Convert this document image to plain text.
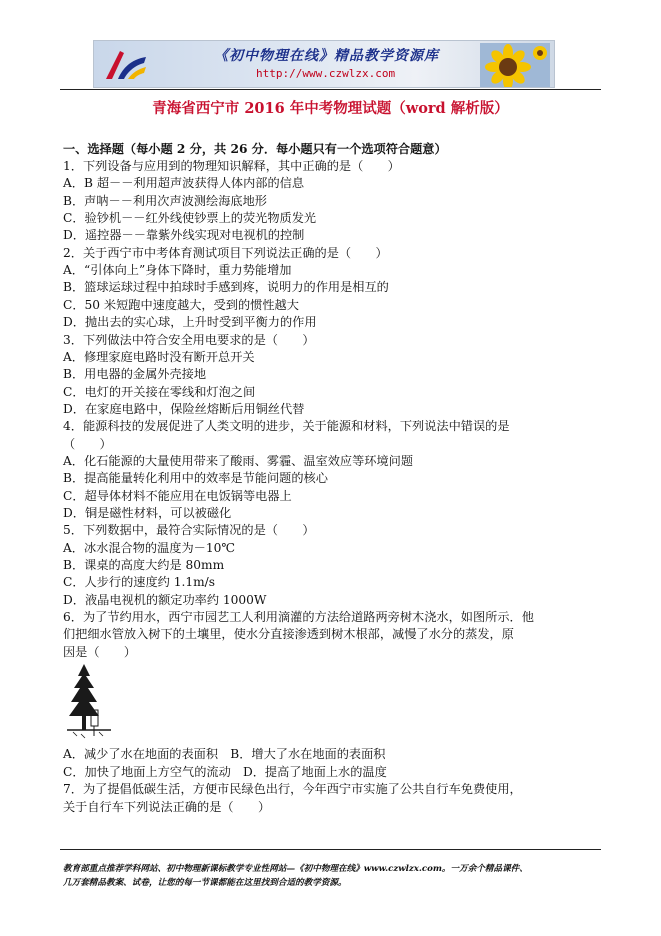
《初中物理在线》精品教学资源库
http://www.czwlzx.com
青海省西宁市 2016 年中考物理试题（word 解析版）
一、选择题（每小题 2 分，共 26 分．每小题只有一个选项符合题意）
1．下列设备与应用到的物理知识解释，其中正确的是（　　）
A．B 超－－利用超声波获得人体内部的信息
B．声呐－－利用次声波测绘海底地形
C．验钞机－－红外线使钞票上的荧光物质发光
D．遥控器－－靠紫外线实现对电视机的控制
2．关于西宁市中考体育测试项目下列说法正确的是（　　）
A．“引体向上”身体下降时，重力势能增加
B．篮球运球过程中拍球时手感到疼，说明力的作用是相互的
C．50 米短跑中速度越大，受到的惯性越大
D．抛出去的实心球，上升时受到平衡力的作用
3．下列做法中符合安全用电要求的是（　　）
A．修理家庭电路时没有断开总开关
B．用电器的金属外壳接地
C．电灯的开关接在零线和灯泡之间
D．在家庭电路中，保险丝熔断后用铜丝代替
4．能源科技的发展促进了人类文明的进步，关于能源和材料，下列说法中错误的是
（　　）
A．化石能源的大量使用带来了酸雨、雾霾、温室效应等环境问题
B．提高能量转化利用中的效率是节能问题的核心
C．超导体材料不能应用在电饭锅等电器上
D．铜是磁性材料，可以被磁化
5．下列数据中，最符合实际情况的是（　　）
A．冰水混合物的温度为－10℃
B．课桌的高度大约是 80mm
C．人步行的速度约 1.1m/s
D．液晶电视机的额定功率约 1000W
6．为了节约用水，西宁市园艺工人利用滴灌的方法给道路两旁树木浇水，如图所示．他
们把细水管放入树下的土壤里，使水分直接渗透到树木根部，减慢了水分的蒸发，原
因是（　　）
A．减少了水在地面的表面积　B．增大了水在地面的表面积
C．加快了地面上方空气的流动　D．提高了地面上水的温度
7．为了提倡低碳生活，方便市民绿色出行，今年西宁市实施了公共自行车免费使用，
关于自行车下列说法正确的是（　　）
教育部重点推荐学科网站、初中物理新课标教学专业性网站—《初中物理在线》www.czwlzx.com。一万余个精品课件、
几万套精品教案、试卷，让您的每一节课都能在这里找到合适的教学资源。
